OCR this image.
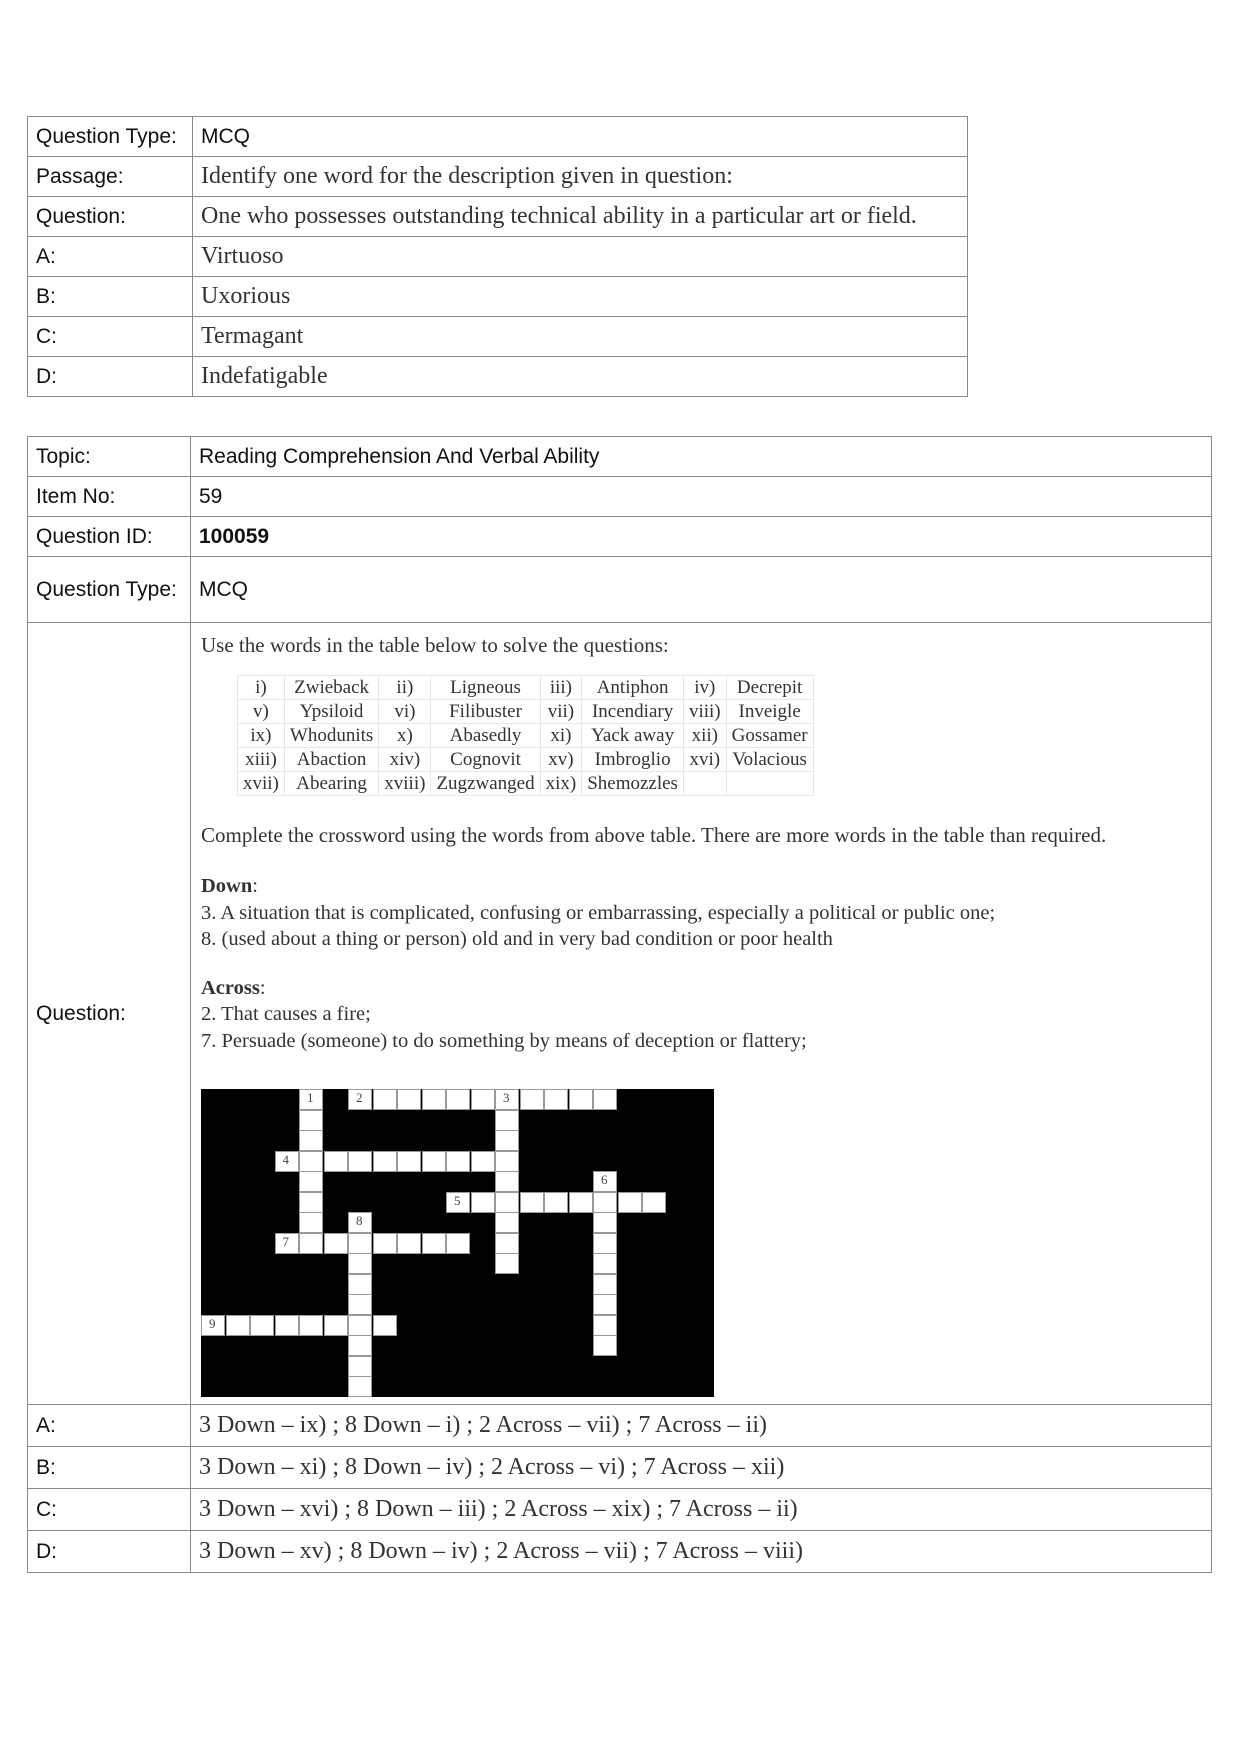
Question Type:	MCQ
Passage:	Identify one word for the description given in question:
Question:	One who possesses outstanding technical ability in a particular art or field.
A:	Virtuoso
B:	Uxorious
C:	Termagant
D:	Indefatigable
Topic:	Reading Comprehension And Verbal Ability
Item No:	59
Question ID:	100059
Question Type:	MCQ
Question:	
Use the words in the table below to solve the questions:
i)	Zwieback	ii)	Ligneous	iii)	Antiphon	iv)	Decrepit
v)	Ypsiloid	vi)	Filibuster	vii)	Incendiary	viii)	Inveigle
ix)	Whodunits	x)	Abasedly	xi)	Yack away	xii)	Gossamer
xiii)	Abaction	xiv)	Cognovit	xv)	Imbroglio	xvi)	Volacious
xvii)	Abearing	xviii)	Zugzwanged	xix)	Shemozzles		
Complete the crossword using the words from above table. There are more words in the table than required.
Down:
3. A situation that is complicated, confusing or embarrassing, especially a political or public one;
8. (used about a thing or person) old and in very bad condition or poor health
Across:
2. That causes a fire;
7. Persuade (someone) to do something by means of deception or flattery;
1	2	3
4
5
6
7
8
9

A:	3 Down – ix) ; 8 Down – i) ; 2 Across – vii) ; 7 Across – ii)
B:	3 Down – xi) ; 8 Down – iv) ; 2 Across – vi) ; 7 Across – xii)
C:	3 Down – xvi) ; 8 Down – iii) ; 2 Across – xix) ; 7 Across – ii)
D:	3 Down – xv) ; 8 Down – iv) ; 2 Across – vii) ; 7 Across – viii)
